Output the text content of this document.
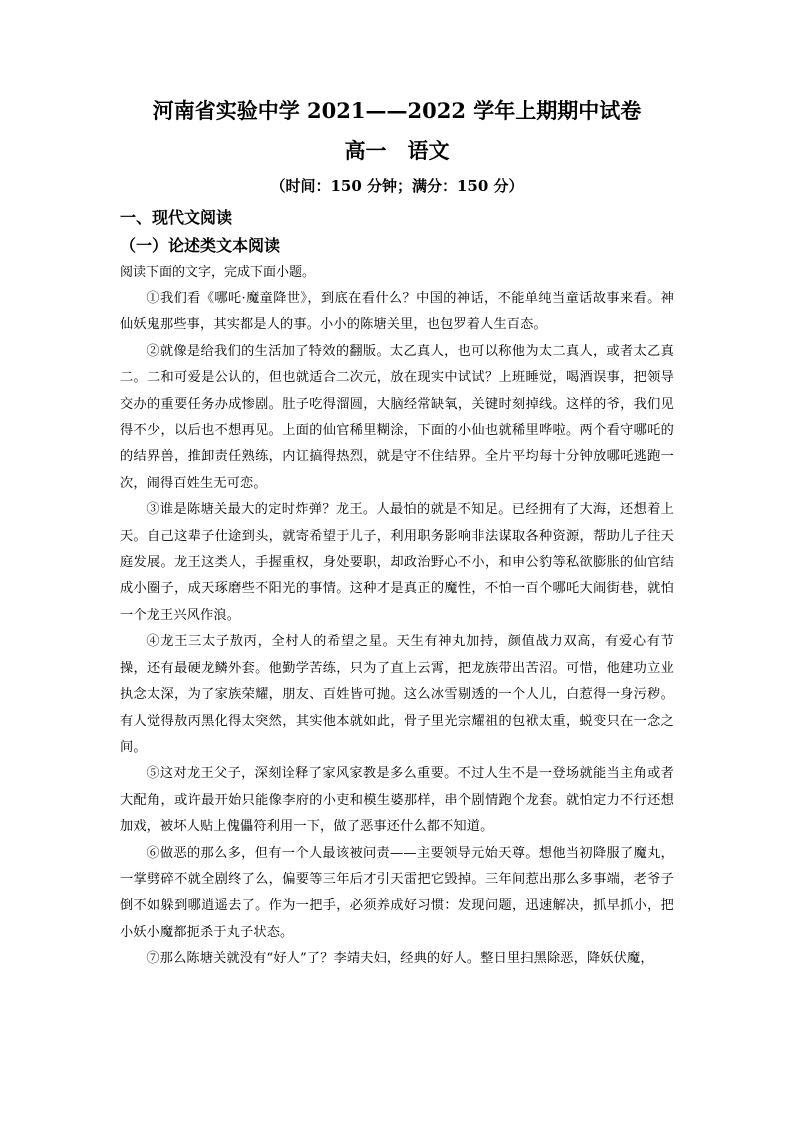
河南省实验中学 2021——2022 学年上期期中试卷
高一　语文
（时间：150 分钟；满分：150 分）
一、现代文阅读
（一）论述类文本阅读
阅读下面的文字，完成下面小题。

①我们看《哪吒·魔童降世》，到底在看什么？中国的神话，不能单纯当童话故事来看。神仙妖鬼那些事，其实都是人的事。小小的陈塘关里，也包罗着人生百态。

②就像是给我们的生活加了特效的翻版。太乙真人，也可以称他为太二真人，或者太乙真二。二和可爱是公认的，但也就适合二次元，放在现实中试试？上班睡觉，喝酒误事，把领导交办的重要任务办成惨剧。肚子吃得溜圆，大脑经常缺氧，关键时刻掉线。这样的爷，我们见得不少，以后也不想再见。上面的仙官稀里糊涂，下面的小仙也就稀里哗啦。两个看守哪吒的的结界兽，推卸责任熟练，内讧搞得热烈，就是守不住结界。全片平均每十分钟放哪吒逃跑一次，闹得百姓生无可恋。

③谁是陈塘关最大的定时炸弹？龙王。人最怕的就是不知足。已经拥有了大海，还想着上天。自己这辈子仕途到头，就寄希望于儿子，利用职务影响非法谋取各种资源，帮助儿子往天庭发展。龙王这类人，手握重权，身处要职，却政治野心不小，和申公豹等私欲膨胀的仙官结成小圈子，成天琢磨些不阳光的事情。这种才是真正的魔性，不怕一百个哪吒大闹街巷，就怕一个龙王兴风作浪。

④龙王三太子敖丙，全村人的希望之星。天生有神丸加持，颜值战力双高，有爱心有节操，还有最硬龙鳞外套。他勤学苦练，只为了直上云霄，把龙族带出苦沼。可惜，他建功立业执念太深，为了家族荣耀，朋友、百姓皆可抛。这么冰雪剔透的一个人儿，白惹得一身污秽。有人觉得敖丙黑化得太突然，其实他本就如此，骨子里光宗耀祖的包袱太重，蜕变只在一念之间。

⑤这对龙王父子，深刻诠释了家风家教是多么重要。不过人生不是一登场就能当主角或者大配角，或许最开始只能像李府的小吏和模生婆那样，串个剧情跑个龙套。就怕定力不行还想加戏，被坏人贴上傀儡符利用一下，做了恶事还什么都不知道。

⑥做恶的那么多，但有一个人最该被问责——主要领导元始天尊。想他当初降服了魔丸，一掌劈碎不就全剧终了么，偏要等三年后才引天雷把它毁掉。三年间惹出那么多事端，老爷子倒不如躲到哪逍遥去了。作为一把手，必须养成好习惯：发现问题，迅速解决，抓早抓小，把小妖小魔都扼杀于丸子状态。

⑦那么陈塘关就没有“好人”了？李靖夫妇，经典的好人。整日里扫黑除恶，降妖伏魔，
